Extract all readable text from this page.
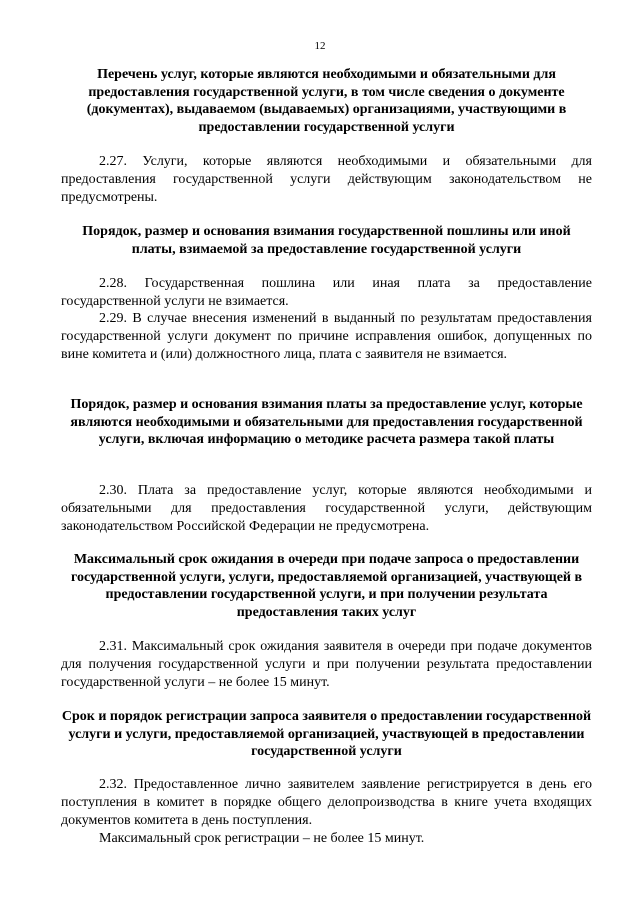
12
Перечень услуг, которые являются необходимыми и обязательными для предоставления государственной услуги, в том числе сведения о документе (документах), выдаваемом (выдаваемых) организациями, участвующими в предоставлении государственной услуги

2.27. Услуги, которые являются необходимыми и обязательными для предоставления государственной услуги действующим законодательством не предусмотрены.

Порядок, размер и основания взимания государственной пошлины или иной платы, взимаемой за предоставление государственной услуги

2.28. Государственная пошлина или иная плата за предоставление государственной услуги не взимается.

2.29. В случае внесения изменений в выданный по результатам предоставления государственной услуги документ по причине исправления ошибок, допущенных по вине комитета и (или) должностного лица, плата с заявителя не взимается.

Порядок, размер и основания взимания платы за предоставление услуг, которые являются необходимыми и обязательными для предоставления государственной услуги, включая информацию о методике расчета размера такой платы

2.30. Плата за предоставление услуг, которые являются необходимыми и обязательными для предоставления государственной услуги, действующим законодательством Российской Федерации не предусмотрена.

Максимальный срок ожидания в очереди при подаче запроса о предоставлении государственной услуги, услуги, предоставляемой организацией, участвующей в предоставлении государственной услуги, и при получении результата предоставления таких услуг

2.31. Максимальный срок ожидания заявителя в очереди при подаче документов для получения государственной услуги и при получении результата предоставлении государственной услуги – не более 15 минут.

Срок и порядок регистрации запроса заявителя о предоставлении государственной услуги и услуги, предоставляемой организацией, участвующей в предоставлении государственной услуги

2.32. Предоставленное лично заявителем заявление регистрируется в день его поступления в комитет в порядке общего делопроизводства в книге учета входящих документов комитета в день поступления.

Максимальный срок регистрации – не более 15 минут.
